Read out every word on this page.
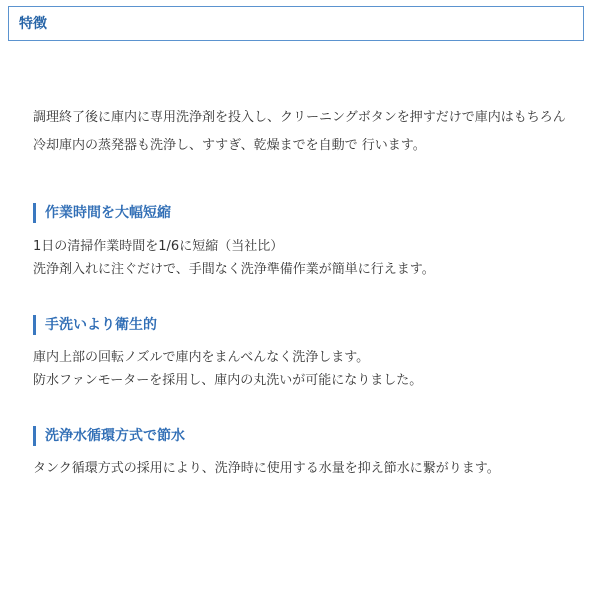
特徴
調理終了後に庫内に専用洗浄剤を投入し、クリーニングボタンを押すだけで庫内はもちろん
冷却庫内の蒸発器も洗浄し、すすぎ、乾燥までを自動で 行います。
作業時間を大幅短縮
1日の清掃作業時間を1/6に短縮（当社比）
洗浄剤入れに注ぐだけで、手間なく洗浄準備作業が簡単に行えます。
手洗いより衛生的
庫内上部の回転ノズルで庫内をまんべんなく洗浄します。
防水ファンモーターを採用し、庫内の丸洗いが可能になりました。
洗浄水循環方式で節水
タンク循環方式の採用により、洗浄時に使用する水量を抑え節水に繋がります。
